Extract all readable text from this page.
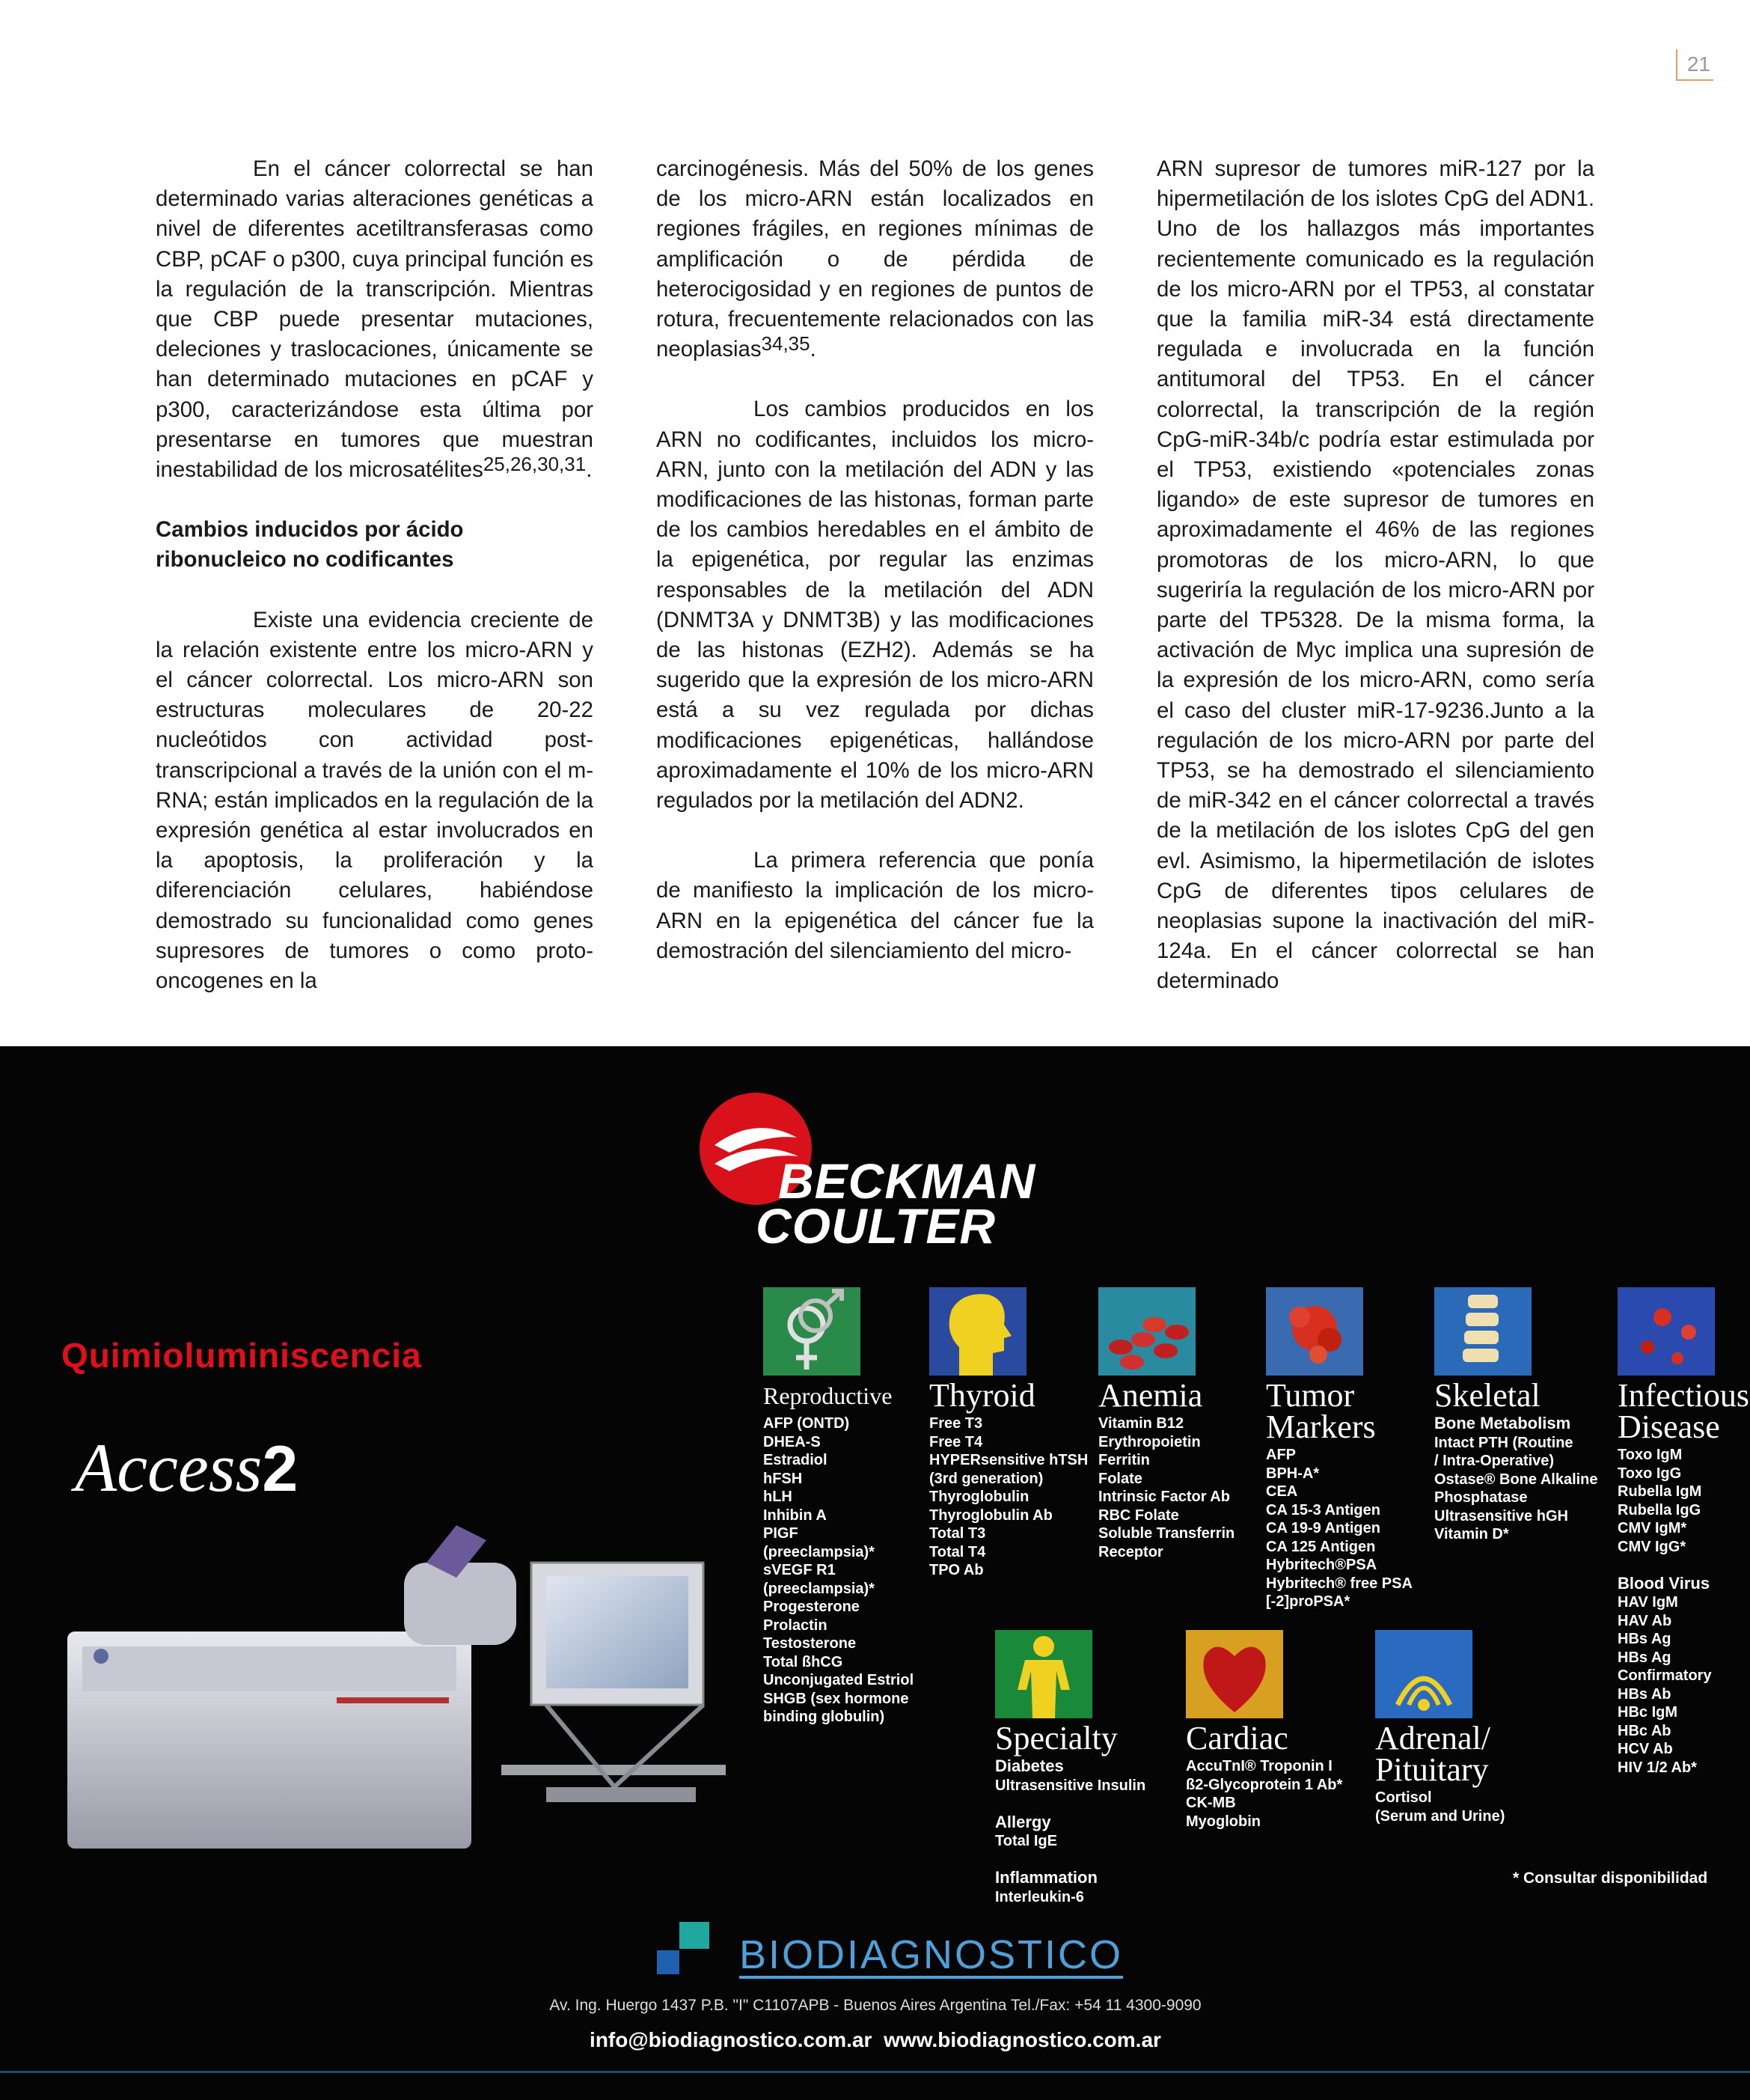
21

En el cáncer colorrectal se han determinado varias alteraciones genéticas a nivel de diferentes acetiltransferasas como CBP, pCAF o p300, cuya principal función es la regulación de la transcripción. Mientras que CBP puede presentar mutaciones, deleciones y traslocaciones, únicamente se han determinado mutaciones en pCAF y p300, caracterizándose esta última por presentarse en tumores que muestran inestabilidad de los microsatélites$^{25,26,30,31}$.

Cambios inducidos por ácido ribonucleico no codificantes

Existe una evidencia creciente de la relación existente entre los micro-ARN y el cáncer colorrectal. Los micro-ARN son estructuras moleculares de 20-22 nucleótidos con actividad post-transcripcional a través de la unión con el m-RNA; están implicados en la regulación de la expresión genética al estar involucrados en la apoptosis, la proliferación y la diferenciación celulares, habiéndose demostrado su funcionalidad como genes supresores de tumores o como proto-oncogenes en la

carcinogénesis. Más del 50% de los genes de los micro-ARN están localizados en regiones frágiles, en regiones mínimas de amplificación o de pérdida de heterocigosidad y en regiones de puntos de rotura, frecuentemente relacionados con las neoplasias$^{34,35}$.

Los cambios producidos en los ARN no codificantes, incluidos los micro-ARN, junto con la metilación del ADN y las modificaciones de las histonas, forman parte de los cambios heredables en el ámbito de la epigenética, por regular las enzimas responsables de la metilación del ADN (DNMT3A y DNMT3B) y las modificaciones de las histonas (EZH2). Además se ha sugerido que la expresión de los micro-ARN está a su vez regulada por dichas modificaciones epigenéticas, hallándose aproximadamente el 10% de los micro-ARN regulados por la metilación del ADN2.

La primera referencia que ponía de manifiesto la implicación de los micro-ARN en la epigenética del cáncer fue la demostración del silenciamiento del micro-

ARN supresor de tumores miR-127 por la hipermetilación de los islotes CpG del ADN1. Uno de los hallazgos más importantes recientemente comunicado es la regulación de los micro-ARN por el TP53, al constatar que la familia miR-34 está directamente regulada e involucrada en la función antitumoral del TP53. En el cáncer colorrectal, la transcripción de la región CpG-miR-34b/c podría estar estimulada por el TP53, existiendo «potenciales zonas ligando» de este supresor de tumores en aproximadamente el 46% de las regiones promotoras de los micro-ARN, lo que sugeriría la regulación de los micro-ARN por parte del TP5328. De la misma forma, la activación de Myc implica una supresión de la expresión de los micro-ARN, como sería el caso del cluster miR-17-9236.Junto a la regulación de los micro-ARN por parte del TP53, se ha demostrado el silenciamiento de miR-342 en el cáncer colorrectal a través de la metilación de los islotes CpG del gen evl. Asimismo, la hipermetilación de islotes CpG de diferentes tipos celulares de neoplasias supone la inactivación del miR-124a. En el cáncer colorrectal se han determinado

BECKMAN
COULTER
Quimioluminiscencia
Access2
Reproductive
AFP (ONTD)
DHEA-S
Estradiol
hFSH
hLH
Inhibin A
PIGF
(preeclampsia)*
sVEGF R1
(preeclampsia)*
Progesterone
Prolactin
Testosterone
Total ßhCG
Unconjugated Estriol
SHGB (sex hormone
binding globulin)
Thyroid
Free T3
Free T4
HYPERsensitive hTSH
(3rd generation)
Thyroglobulin
Thyroglobulin Ab
Total T3
Total T4
TPO Ab
Anemia
Vitamin B12
Erythropoietin
Ferritin
Folate
Intrinsic Factor Ab
RBC Folate
Soluble Transferrin
Receptor
Tumor
Markers
AFP
BPH-A*
CEA
CA 15-3 Antigen
CA 19-9 Antigen
CA 125 Antigen
Hybritech®PSA
Hybritech® free PSA
[-2]proPSA*
Skeletal
Bone Metabolism
Intact PTH (Routine
/ Intra-Operative)
Ostase® Bone Alkaline
Phosphatase
Ultrasensitive hGH
Vitamin D*
Infectious
Disease
Toxo IgM
Toxo IgG
Rubella IgM
Rubella IgG
CMV IgM*
CMV IgG*

Blood Virus
HAV IgM
HAV Ab
HBs Ag
HBs Ag
Confirmatory
HBs Ab
HBc IgM
HBc Ab
HCV Ab
HIV 1/2 Ab*
Specialty
Diabetes
Ultrasensitive Insulin

Allergy
Total IgE

Inflammation
Interleukin-6
Cardiac
AccuTnI® Troponin I
ß2-Glycoprotein 1 Ab*
CK-MB
Myoglobin
Adrenal/
Pituitary
Cortisol
(Serum and Urine)
* Consultar disponibilidad
BIODIAGNOSTICO
Av. Ing. Huergo 1437 P.B. "I" C1107APB - Buenos Aires Argentina Tel./Fax: +54 11 4300-9090
info@biodiagnostico.com.ar www.biodiagnostico.com.ar
